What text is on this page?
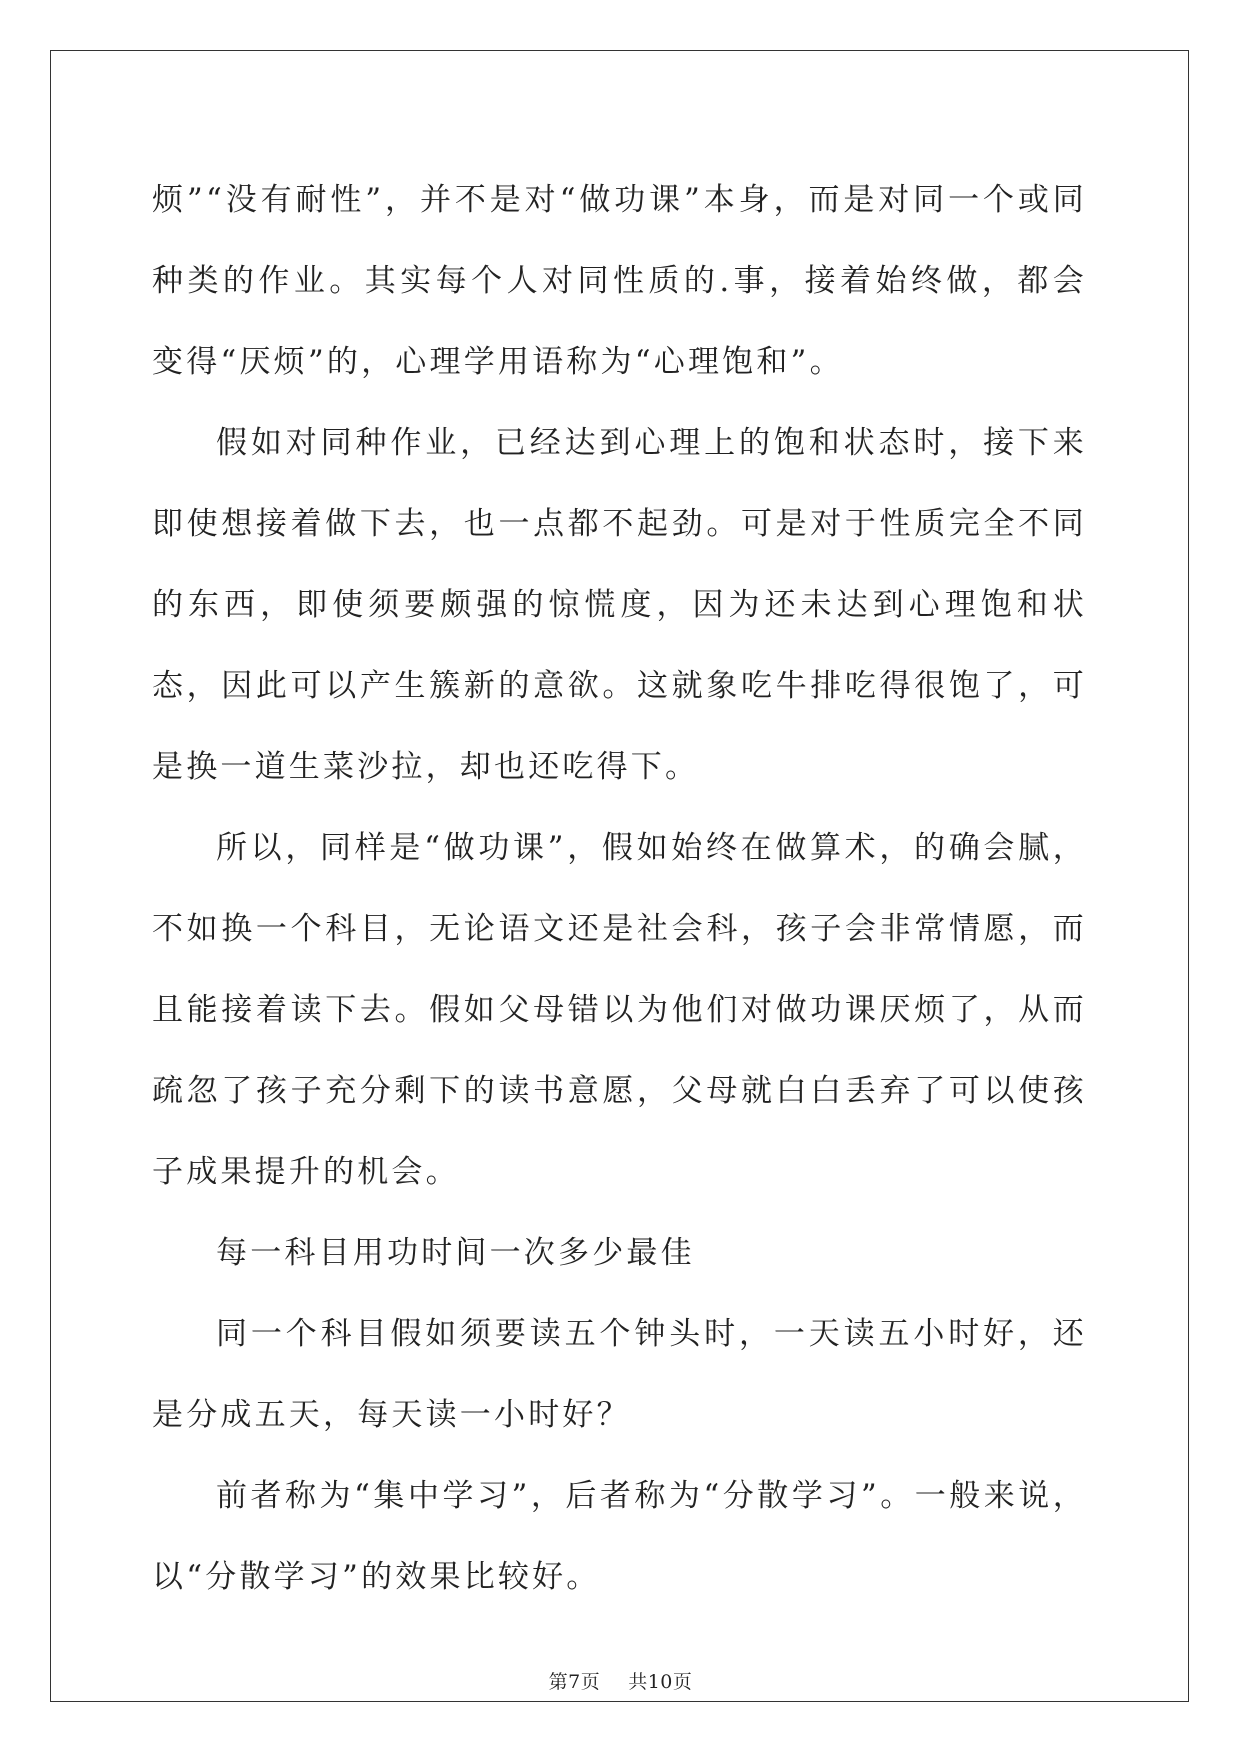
烦”“没有耐性”，并不是对“做功课”本身，而是对同一个或同种类的作业。其实每个人对同性质的.事，接着始终做，都会变得“厌烦”的，心理学用语称为“心理饱和”。

假如对同种作业，已经达到心理上的饱和状态时，接下来即使想接着做下去，也一点都不起劲。可是对于性质完全不同的东西，即使须要颇强的惊慌度，因为还未达到心理饱和状态，因此可以产生簇新的意欲。这就象吃牛排吃得很饱了，可是换一道生菜沙拉，却也还吃得下。

所以，同样是“做功课”，假如始终在做算术，的确会腻，不如换一个科目，无论语文还是社会科，孩子会非常情愿，而且能接着读下去。假如父母错以为他们对做功课厌烦了，从而疏忽了孩子充分剩下的读书意愿，父母就白白丢弃了可以使孩子成果提升的机会。

每一科目用功时间一次多少最佳

同一个科目假如须要读五个钟头时，一天读五小时好，还是分成五天，每天读一小时好？

前者称为“集中学习”，后者称为“分散学习”。一般来说，以“分散学习”的效果比较好。

第7页 共10页
